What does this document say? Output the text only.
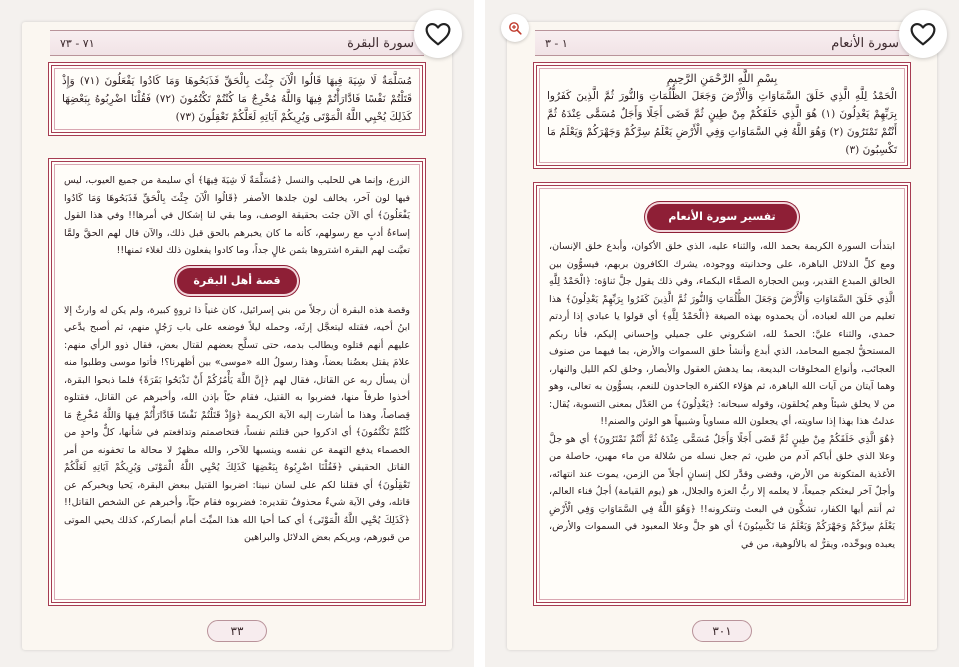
٧١ - ٧٣	سورة البقرة
مُسَلَّمَةٌ لَا شِيَةَ فِيهَا قَالُوا الْآنَ جِئْتَ بِالْحَقِّ فَذَبَحُوهَا وَمَا كَادُوا يَفْعَلُونَ (٧١) وَإِذْ قَتَلْتُمْ نَفْسًا فَادَّارَأْتُمْ فِيهَا وَاللَّهُ مُخْرِجٌ مَا كُنْتُمْ تَكْتُمُونَ (٧٢) فَقُلْنَا اضْرِبُوهُ بِبَعْضِهَا كَذَلِكَ يُحْيِي اللَّهُ الْمَوْتَى وَيُرِيكُمْ آيَاتِهِ لَعَلَّكُمْ تَعْقِلُونَ (٧٣)
الزرع، وإنما هي للحليب والنسل ﴿مُسَلَّمَةٌ لَا شِيَةَ فِيهَا﴾ أي سليمة من جميع العيوب، ليس فيها لون آخر، يخالف لون جلدها الأصفر ﴿قَالُوا الْآنَ جِئْتَ بِالْحَقِّ فَذَبَحُوهَا وَمَا كَادُوا يَفْعَلُونَ﴾ أي الآن جئت بحقيقة الوصف، وما بقي لنا إشكال في أمرها!! وفي هذا القول إساءةُ أدبٍ مع رسولهم، كأنه ما كان يخبرهم بالحق قبل ذلك، والآن قال لهم الحقَّ ولمَّا تعيَّنت لهم البقرة اشتروها بثمن غالٍ جداً، وما كادوا يفعلون ذلك لغلاء ثمنها!!
قصة أهل البقرة
وقصة هذه البقرة أن رجلاً من بني إسرائيل، كان غنياً ذا ثروةٍ كبيرة، ولم يكن له وارثٌ إلا ابنُ أخيه، فقتله ليتعجَّل إرثَه، وحمله ليلاً فوضعه على باب رَجُلٍ منهم، ثم أصبح يدَّعي عليهم أنهم قتلوه ويطالب بدمه، حتى تسلَّح بعضهم لقتال بعض، فقال ذوو الرأي منهم: علامَ يقتل بعضُنا بعضاً، وهذا رسولُ الله «موسى» بين أظهرنا؟! فأتوا موسى وطلبوا منه أن يسأل ربه عن القاتل، فقال لهم ﴿إِنَّ اللَّهَ يَأْمُرُكُمْ أَنْ تَذْبَحُوا بَقَرَةً﴾ فلما ذبحوا البقرة، أخذوا طرفاً منها، فضربوا به القتيل، فقام حيّاً بإذن الله، وأخبرهم عن القاتل، فقتلوه قِصاصاً، وهذا ما أشارت إليه الآية الكريمة ﴿وَإِذْ قَتَلْتُمْ نَفْسًا فَادَّارَأْتُمْ فِيهَا وَاللَّهُ مُخْرِجٌ مَا كُنْتُمْ تَكْتُمُونَ﴾ أي اذكروا حين قتلتم نفساً، فتخاصمتم وتدافعتم في شأنها، كلٌّ واحدٍ من الخصماء يدفع التهمة عن نفسه وينسبها للآخر، والله مظهرٌ لا محالة ما تخفونه من أمر القاتل الحقيقي ﴿فَقُلْنَا اضْرِبُوهُ بِبَعْضِهَا كَذَلِكَ يُحْيِي اللَّهُ الْمَوْتَى وَيُرِيكُمْ آيَاتِهِ لَعَلَّكُمْ تَعْقِلُونَ﴾ أي فقلنا لكم على لسان نبينا: اضربوا القتيل ببعض البقرة، يَحيا ويخبركم عن قاتله، وفي الآية شيءٌ محذوفٌ تقديره: فضربوه فقام حيّاً، وأخبرهم عن الشخص القاتل!! ﴿كَذَلِكَ يُحْيِي اللَّهُ الْمَوْتَى﴾ أي كما أحيا الله هذا الميِّتَ أمام أبصاركم، كذلك يحيي الموتى من قبورهم، ويريكم بعض الدلائل والبراهين
٣٣
١ - ٣	سورة الأنعام
بِسْمِ اللَّهِ الرَّحْمَنِ الرَّحِيمِ
الْحَمْدُ لِلَّهِ الَّذِي خَلَقَ السَّمَاوَاتِ وَالْأَرْضَ وَجَعَلَ الظُّلُمَاتِ وَالنُّورَ ثُمَّ الَّذِينَ كَفَرُوا بِرَبِّهِمْ يَعْدِلُونَ (١) هُوَ الَّذِي خَلَقَكُمْ مِنْ طِينٍ ثُمَّ قَضَى أَجَلًا وَأَجَلٌ مُسَمًّى عِنْدَهُ ثُمَّ أَنْتُمْ تَمْتَرُونَ (٢) وَهُوَ اللَّهُ فِي السَّمَاوَاتِ وَفِي الْأَرْضِ يَعْلَمُ سِرَّكُمْ وَجَهْرَكُمْ وَيَعْلَمُ مَا تَكْسِبُونَ (٣)
تفسير سورة الأنعام
ابتدأت السورة الكريمة بحمد الله، والثناء عليه، الذي خلق الأكوان، وأبدع خلق الإنسان، ومع كلِّ الدلائل الباهرة، على وحدانيته ووجوده، يشرك الكافرون بربهم، فيسوُّون بين الخالق المبدع القدير، وبين الحجارة الصمَّاء البكماء، وفي ذلك يقول جلَّ ثناؤه: ﴿الْحَمْدُ لِلَّهِ الَّذِي خَلَقَ السَّمَاوَاتِ وَالْأَرْضَ وَجَعَلَ الظُّلُمَاتِ وَالنُّورَ ثُمَّ الَّذِينَ كَفَرُوا بِرَبِّهِمْ يَعْدِلُونَ﴾ هذا تعليم من الله لعباده، أن يحمدوه بهذه الصيغة ﴿الْحَمْدُ لِلَّهِ﴾ أي قولوا يا عبادي إذا أردتم حمدي، والثناء عليَّ: الحمدُ لله، اشكروني على جميلي وإحساني إليكم، فأنا ربكم المستحقُّ لجميع المحامد، الذي أبدع وأنشأ خلق السموات والأرض، بما فيهما من صنوف العجائب، وأنواع المخلوقات البديعة، بما يدهش العقول والأبصار، وخلق لكم الليل والنهار، وهما آيتان من آيات الله الباهرة، ثم هؤلاء الكفرة الجاحدون للنعم، يسوُّون به تعالى، وهو من لا يخلق شيئاً وهم يُخلقون، وقوله سبحانه: ﴿يَعْدِلُونَ﴾ من العَدْل بمعنى التسوية، يُقال: عدلتُ هذا بهذا إذا ساويته، أي يجعلون الله مساوياً وشبيهاً هو الوثن والصنم!!
﴿هُوَ الَّذِي خَلَقَكُمْ مِنْ طِينٍ ثُمَّ قَضَى أَجَلًا وَأَجَلٌ مُسَمًّى عِنْدَهُ ثُمَّ أَنْتُمْ تَمْتَرُونَ﴾ أي هو جلَّ وعلا الذي خلق أباكم آدم من طين، ثم جعل نسله من سُلالة من ماء مهين، حاصلة من الأغذية المتكونة من الأرض، وقضى وقدَّر لكل إنسانٍ أجلاً من الزمن، يموت عند انتهائه، وأجلٌ آخر لبعثكم جميعاً، لا يعلمه إلا ربُّ العزة والجلال، هو (يوم القيامة) أجلُ فناء العالم، ثم أنتم أيها الكفار، تشكُّون في البعث وتنكرونه!! ﴿وَهُوَ اللَّهُ فِي السَّمَاوَاتِ وَفِي الْأَرْضِ يَعْلَمُ سِرَّكُمْ وَجَهْرَكُمْ وَيَعْلَمُ مَا تَكْسِبُونَ﴾ أي هو جلَّ وعلا المعبود في السموات والأرض، يعبده ويوحِّده، ويقرُّ له بالألوهية، من في
٣٠١
